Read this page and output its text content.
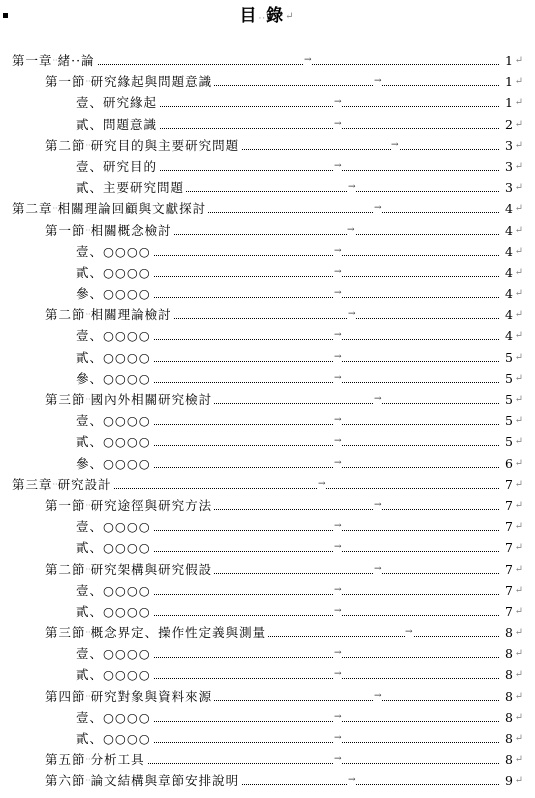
目··錄↵
第一章··緒··論	→	1 ↵
第一節··研究緣起與問題意識	→	1 ↵
壹、研究緣起	→	1 ↵
貳、問題意識	→	2 ↵
第二節··研究目的與主要研究問題	→	3 ↵
壹、研究目的	→	3 ↵
貳、主要研究問題	→	3 ↵
第二章··相關理論回顧與文獻探討	→	4 ↵
第一節··相關概念檢討	→	4 ↵
壹、○○○○	→	4 ↵
貳、○○○○	→	4 ↵
參、○○○○	→	4 ↵
第二節··相關理論檢討	→	4 ↵
壹、○○○○	→	4 ↵
貳、○○○○	→	5 ↵
參、○○○○	→	5 ↵
第三節··國內外相關研究檢討	→	5 ↵
壹、○○○○	→	5 ↵
貳、○○○○	→	5 ↵
參、○○○○	→	6 ↵
第三章··研究設計	→	7 ↵
第一節··研究途徑與研究方法	→	7 ↵
壹、○○○○	→	7 ↵
貳、○○○○	→	7 ↵
第二節··研究架構與研究假設	→	7 ↵
壹、○○○○	→	7 ↵
貳、○○○○	→	7 ↵
第三節··概念界定、操作性定義與測量	→	8 ↵
壹、○○○○	→	8 ↵
貳、○○○○	→	8 ↵
第四節··研究對象與資料來源	→	8 ↵
壹、○○○○	→	8 ↵
貳、○○○○	→	8 ↵
第五節··分析工具	→	8 ↵
第六節··論文結構與章節安排說明	→	9 ↵
